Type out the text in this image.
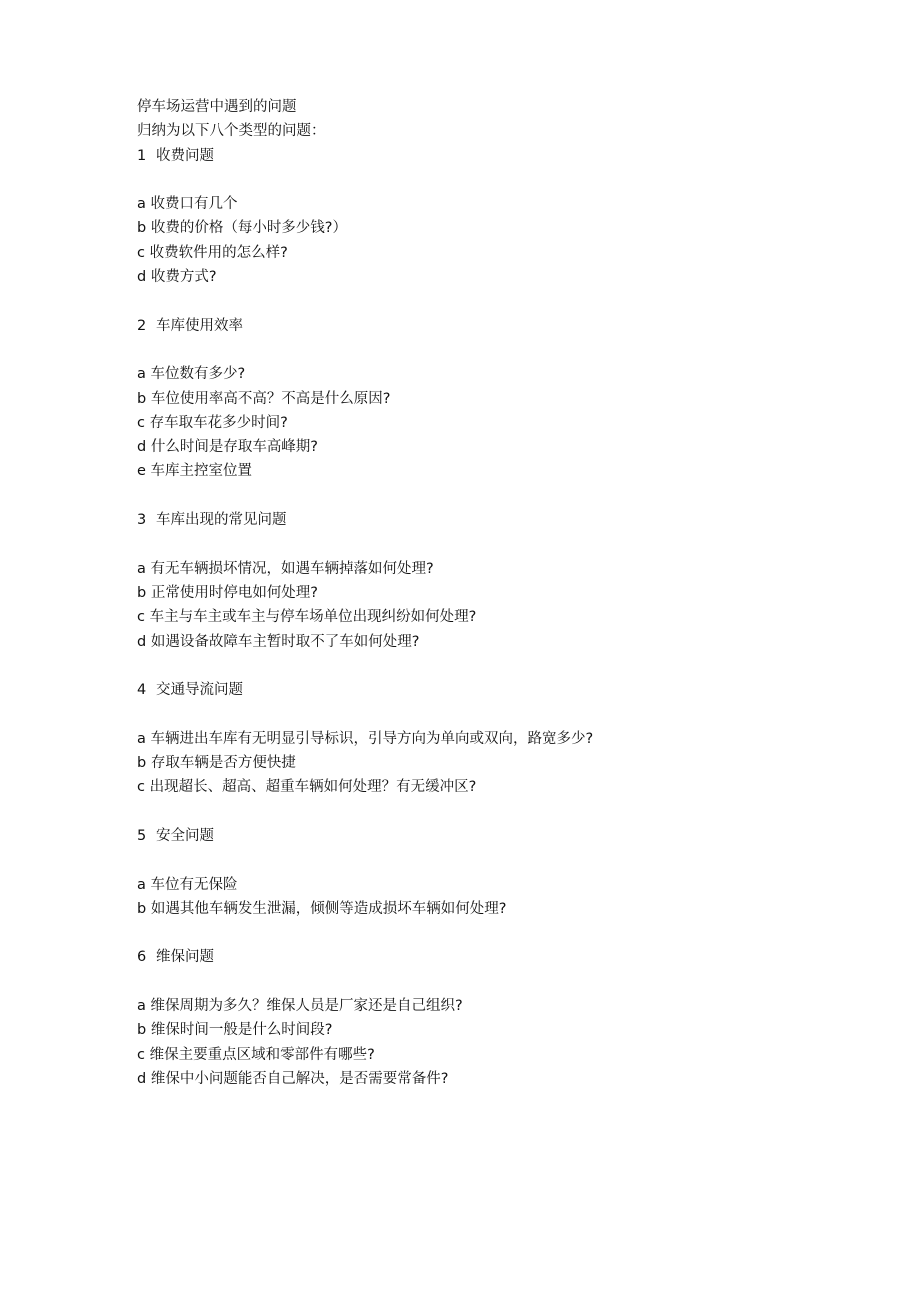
停车场运营中遇到的问题
归纳为以下八个类型的问题：
1 收费问题
a 收费口有几个
b 收费的价格（每小时多少钱?）
c 收费软件用的怎么样?
d 收费方式?
2 车库使用效率
a 车位数有多少?
b 车位使用率高不高？不高是什么原因?
c 存车取车花多少时间?
d 什么时间是存取车高峰期?
e 车库主控室位置
3 车库出现的常见问题
a 有无车辆损坏情况，如遇车辆掉落如何处理?
b 正常使用时停电如何处理?
c 车主与车主或车主与停车场单位出现纠纷如何处理?
d 如遇设备故障车主暂时取不了车如何处理?
4 交通导流问题
a 车辆进出车库有无明显引导标识，引导方向为单向或双向，路宽多少?
b 存取车辆是否方便快捷
c 出现超长、超高、超重车辆如何处理？有无缓冲区?
5 安全问题
a 车位有无保险
b 如遇其他车辆发生泄漏，倾侧等造成损坏车辆如何处理?
6 维保问题
a 维保周期为多久？维保人员是厂家还是自己组织?
b 维保时间一般是什么时间段?
c 维保主要重点区域和零部件有哪些?
d 维保中小问题能否自己解决，是否需要常备件?
